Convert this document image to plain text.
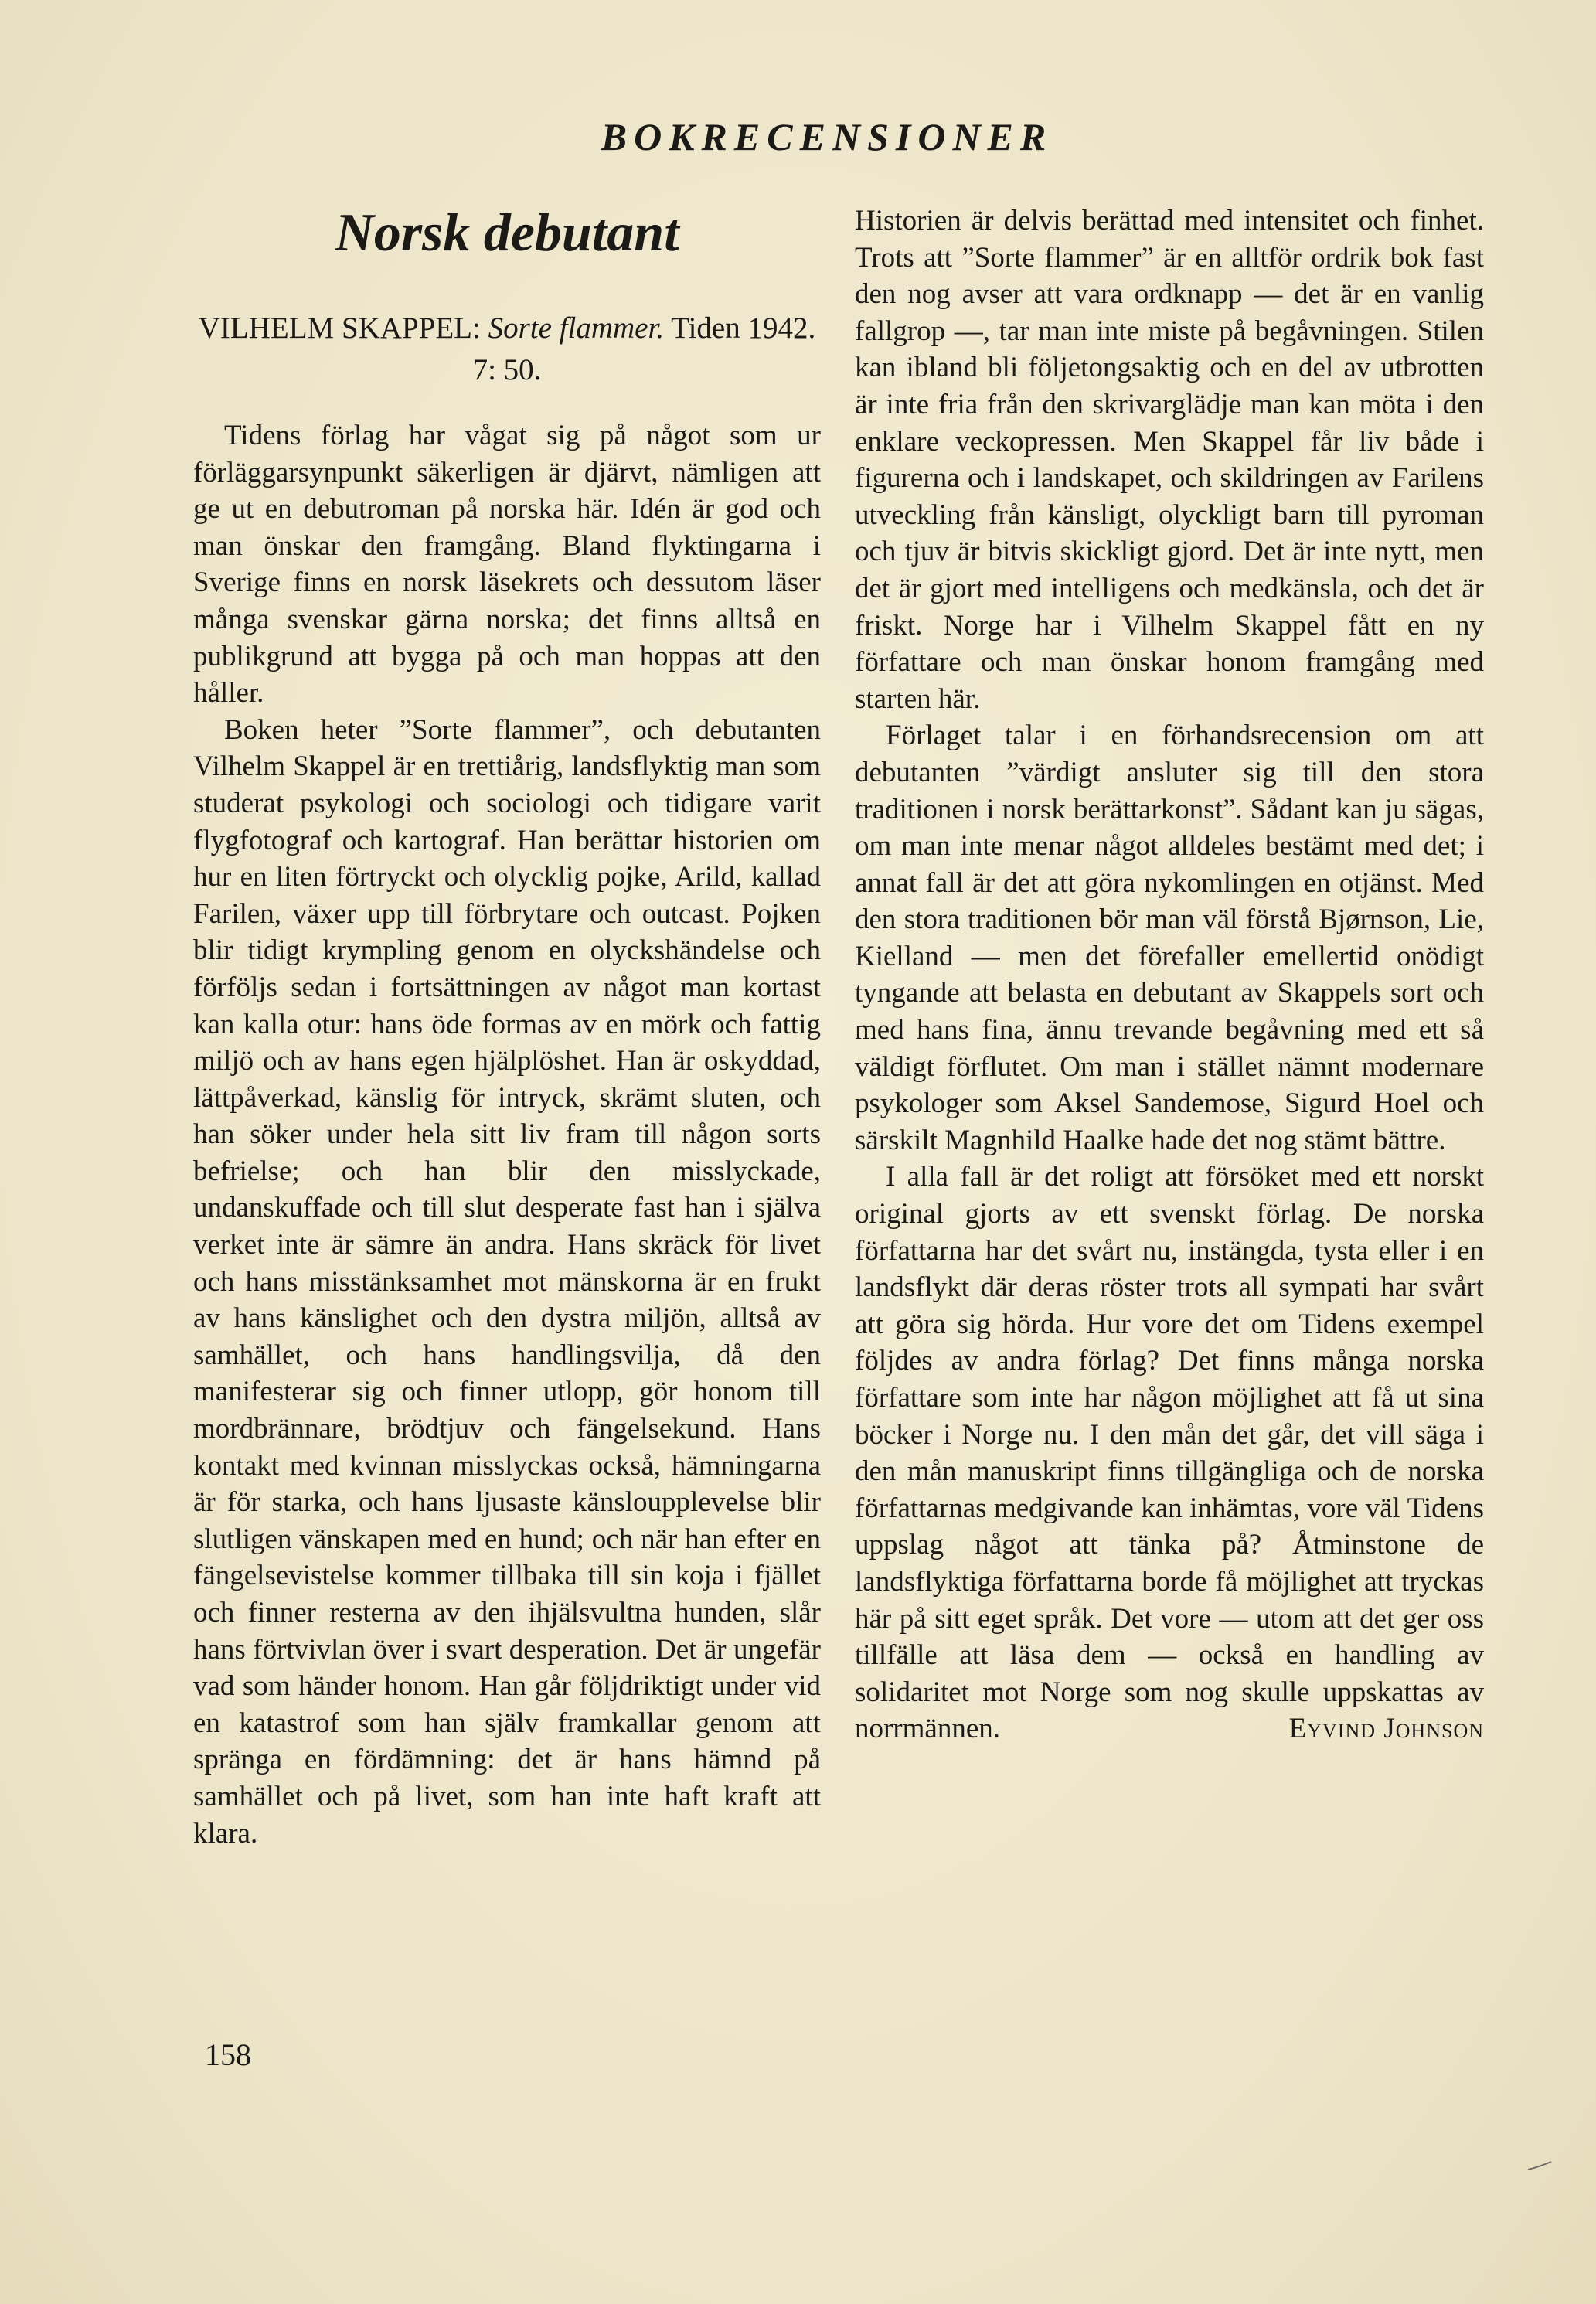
BOKRECENSIONER
Norsk debutant

VILHELM SKAPPEL: Sorte flammer. Tiden 1942. 7: 50.

Tidens förlag har vågat sig på något som ur förläggarsynpunkt säkerligen är djärvt, nämligen att ge ut en debutroman på norska här. Idén är god och man önskar den framgång. Bland flyktingarna i Sverige finns en norsk läsekrets och dessutom läser många svenskar gärna norska; det finns alltså en publikgrund att bygga på och man hoppas att den håller.

Boken heter ”Sorte flammer”, och debutanten Vilhelm Skappel är en trettiårig, landsflyktig man som studerat psykologi och sociologi och tidigare varit flygfotograf och kartograf. Han berättar historien om hur en liten förtryckt och olycklig pojke, Arild, kallad Farilen, växer upp till förbrytare och outcast. Pojken blir tidigt krympling genom en olyckshändelse och förföljs sedan i fortsättningen av något man kortast kan kalla otur: hans öde formas av en mörk och fattig miljö och av hans egen hjälplöshet. Han är oskyddad, lättpåverkad, känslig för intryck, skrämt sluten, och han söker under hela sitt liv fram till någon sorts befrielse; och han blir den misslyckade, undanskuffade och till slut desperate fast han i själva verket inte är sämre än andra. Hans skräck för livet och hans misstänksamhet mot mänskorna är en frukt av hans känslighet och den dystra miljön, alltså av samhället, och hans handlingsvilja, då den manifesterar sig och finner utlopp, gör honom till mordbrännare, brödtjuv och fängelsekund. Hans kontakt med kvinnan misslyckas också, hämningarna är för starka, och hans ljusaste känsloupplevelse blir slutligen vänskapen med en hund; och när han efter en fängelsevistelse kommer tillbaka till sin koja i fjället och finner resterna av den ihjälsvultna hunden, slår hans förtvivlan över i svart desperation. Det är ungefär vad som händer honom. Han går följdriktigt under vid en katastrof som han själv framkallar genom att spränga en fördämning: det är hans hämnd på samhället och på livet, som han inte haft kraft att klara.

Historien är delvis berättad med intensitet och finhet. Trots att ”Sorte flammer” är en alltför ordrik bok fast den nog avser att vara ordknapp — det är en vanlig fallgrop —, tar man inte miste på begåvningen. Stilen kan ibland bli följetongsaktig och en del av utbrotten är inte fria från den skrivarglädje man kan möta i den enklare veckopressen. Men Skappel får liv både i figurerna och i landskapet, och skildringen av Farilens utveckling från känsligt, olyckligt barn till pyroman och tjuv är bitvis skickligt gjord. Det är inte nytt, men det är gjort med intelligens och medkänsla, och det är friskt. Norge har i Vilhelm Skappel fått en ny författare och man önskar honom framgång med starten här.

Förlaget talar i en förhandsrecension om att debutanten ”värdigt ansluter sig till den stora traditionen i norsk berättarkonst”. Sådant kan ju sägas, om man inte menar något alldeles bestämt med det; i annat fall är det att göra nykomlingen en otjänst. Med den stora traditionen bör man väl förstå Bjørnson, Lie, Kielland — men det förefaller emellertid onödigt tyngande att belasta en debutant av Skappels sort och med hans fina, ännu trevande begåvning med ett så väldigt förflutet. Om man i stället nämnt modernare psykologer som Aksel Sandemose, Sigurd Hoel och särskilt Magnhild Haalke hade det nog stämt bättre.

I alla fall är det roligt att försöket med ett norskt original gjorts av ett svenskt förlag. De norska författarna har det svårt nu, instängda, tysta eller i en landsflykt där deras röster trots all sympati har svårt att göra sig hörda. Hur vore det om Tidens exempel följdes av andra förlag? Det finns många norska författare som inte har någon möjlighet att få ut sina böcker i Norge nu. I den mån det går, det vill säga i den mån manuskript finns tillgängliga och de norska författarnas medgivande kan inhämtas, vore väl Tidens uppslag något att tänka på? Åtminstone de landsflyktiga författarna borde få möjlighet att tryckas här på sitt eget språk. Det vore — utom att det ger oss tillfälle att läsa dem — också en handling av solidaritet mot Norge som nog skulle uppskattas av norrmännen.	Eyvind Johnson

158
